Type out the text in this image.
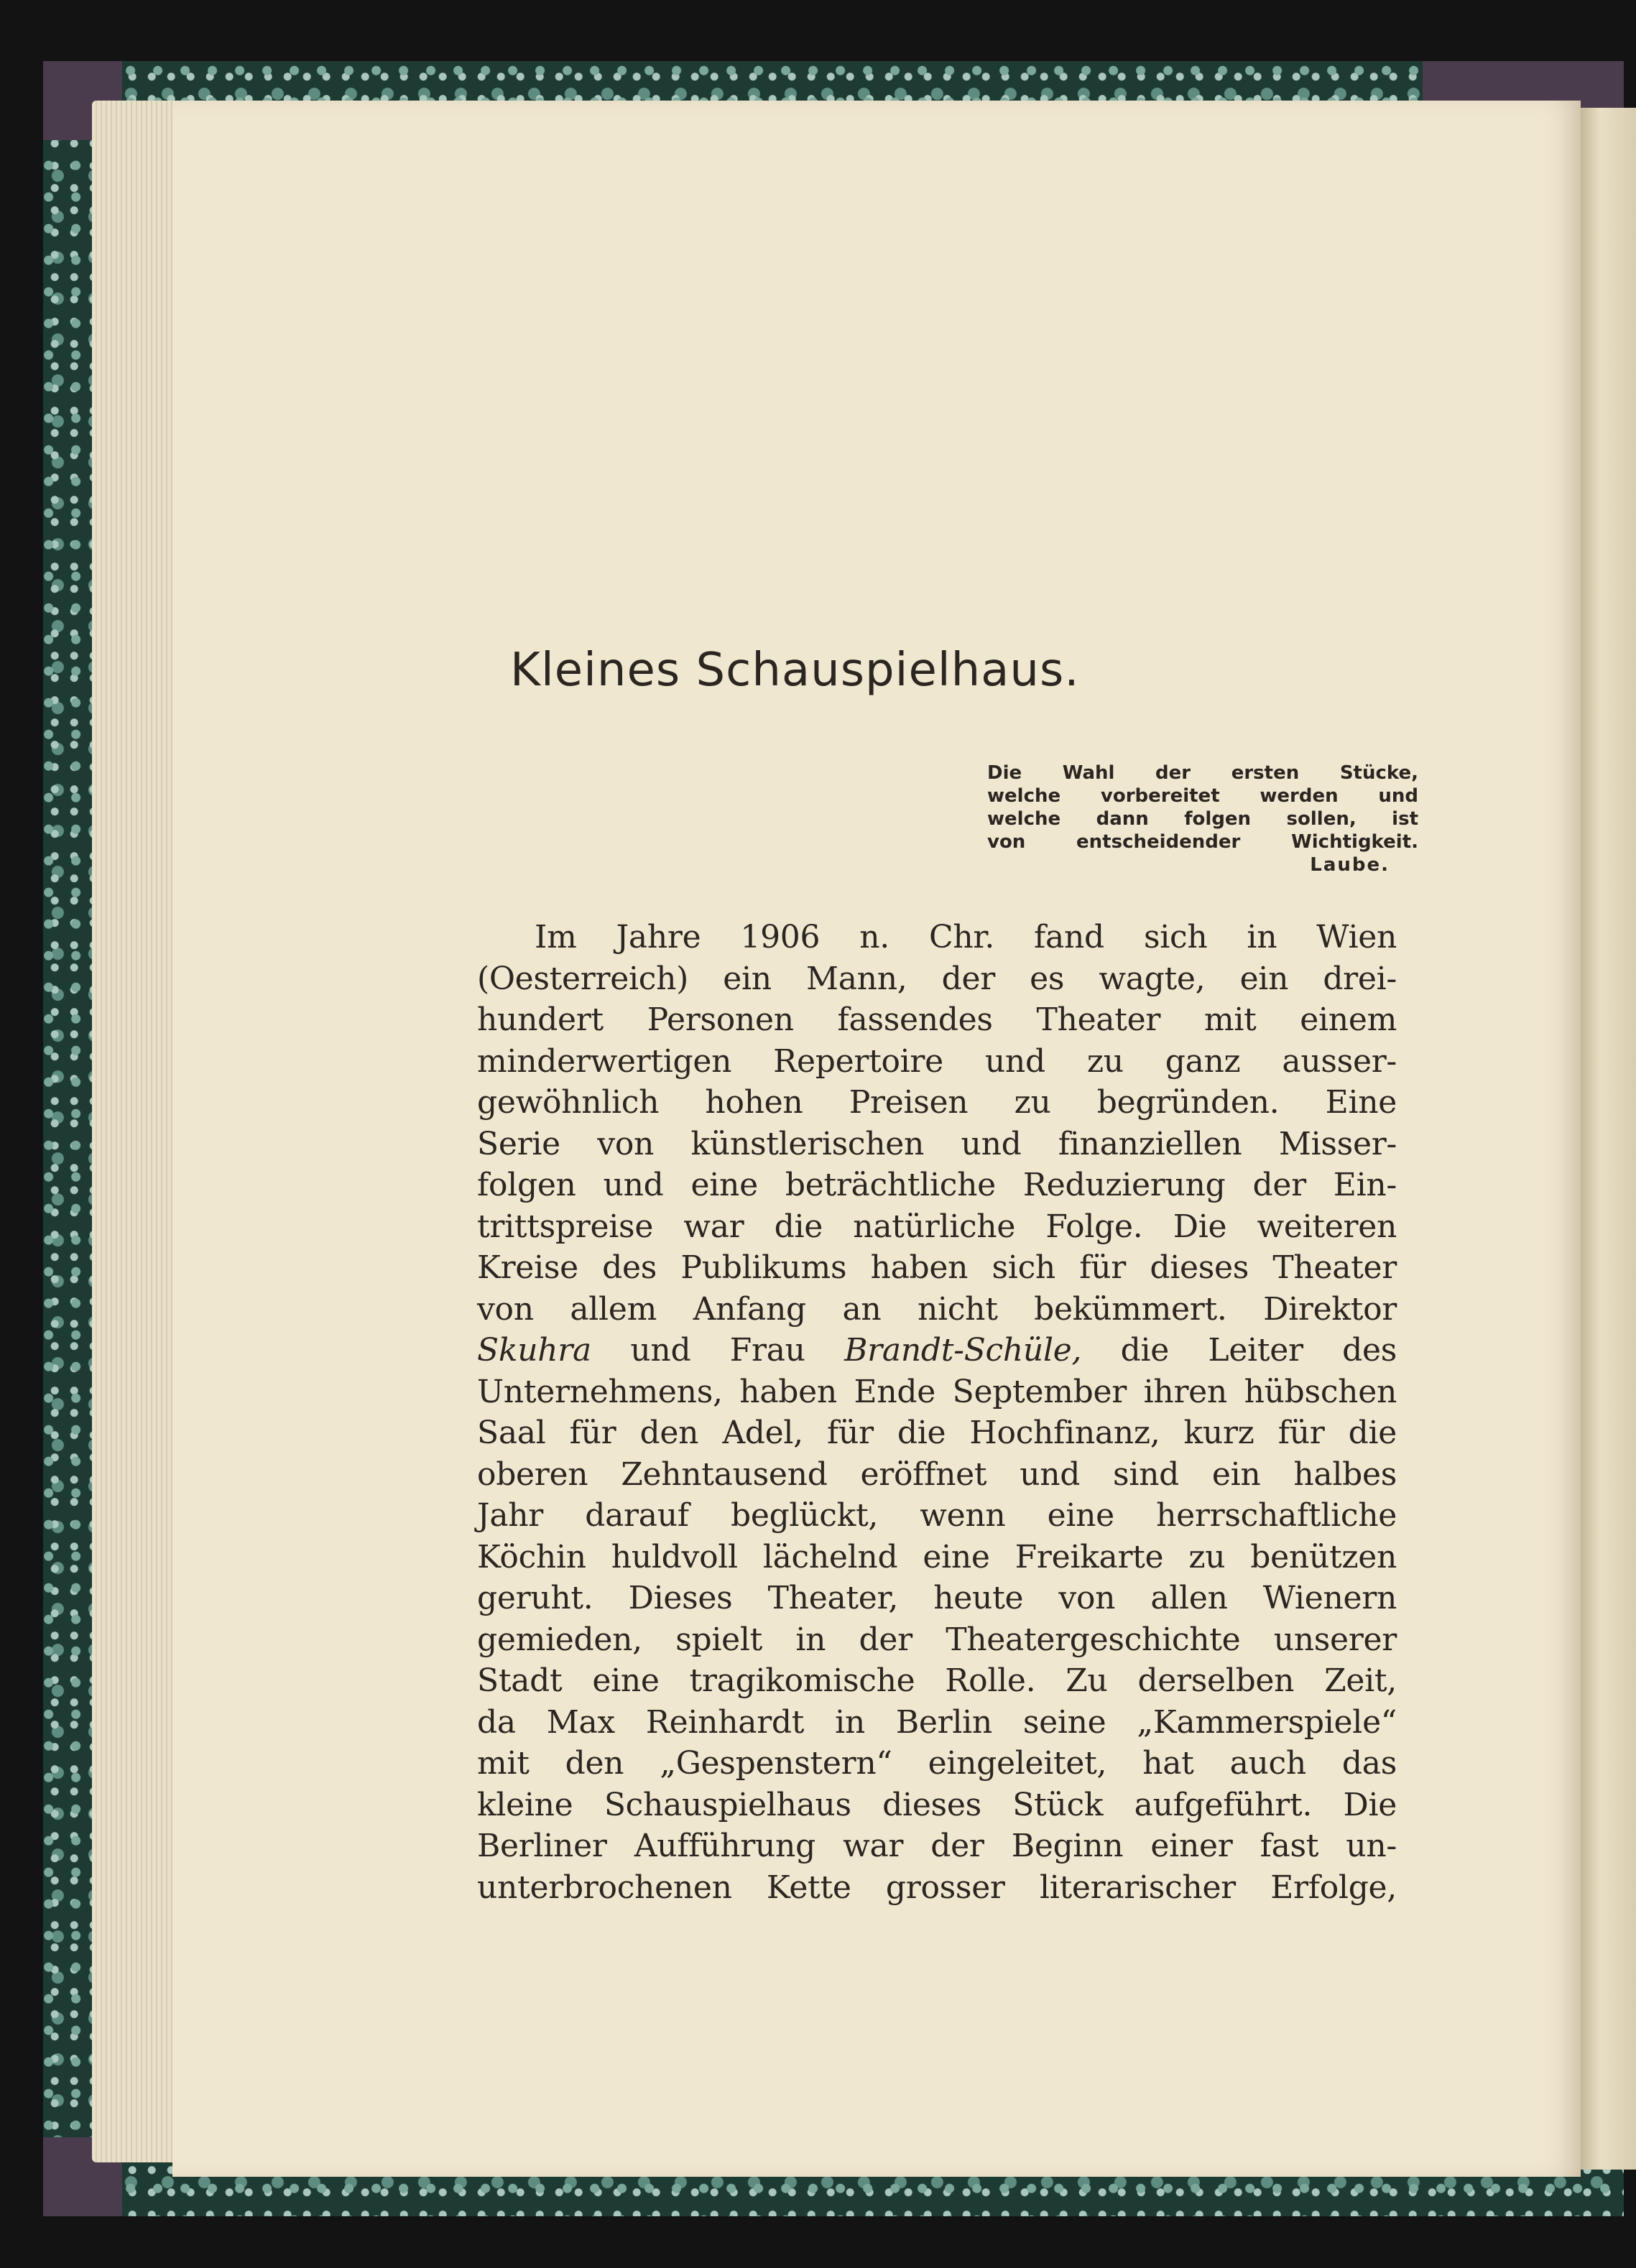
Kleines Schauspielhaus.
Die Wahl der ersten Stücke,
welche vorbereitet werden und
welche dann folgen sollen, ist
von entscheidender Wichtigkeit.
Laube.
Im Jahre 1906 n. Chr. fand sich in Wien
(Oesterreich) ein Mann, der es wagte, ein drei-
hundert Personen fassendes Theater mit einem
minderwertigen Repertoire und zu ganz ausser-
gewöhnlich hohen Preisen zu begründen. Eine
Serie von künstlerischen und finanziellen Misser-
folgen und eine beträchtliche Reduzierung der Ein-
trittspreise war die natürliche Folge. Die weiteren
Kreise des Publikums haben sich für dieses Theater
von allem Anfang an nicht bekümmert. Direktor
Skuhra und Frau Brandt-Schüle, die Leiter des
Unternehmens, haben Ende September ihren hübschen
Saal für den Adel, für die Hochfinanz, kurz für die
oberen Zehntausend eröffnet und sind ein halbes
Jahr darauf beglückt, wenn eine herrschaftliche
Köchin huldvoll lächelnd eine Freikarte zu benützen
geruht. Dieses Theater, heute von allen Wienern
gemieden, spielt in der Theatergeschichte unserer
Stadt eine tragikomische Rolle. Zu derselben Zeit,
da Max Reinhardt in Berlin seine „Kammerspiele“
mit den „Gespenstern“ eingeleitet, hat auch das
kleine Schauspielhaus dieses Stück aufgeführt. Die
Berliner Aufführung war der Beginn einer fast un-
unterbrochenen Kette grosser literarischer Erfolge,
